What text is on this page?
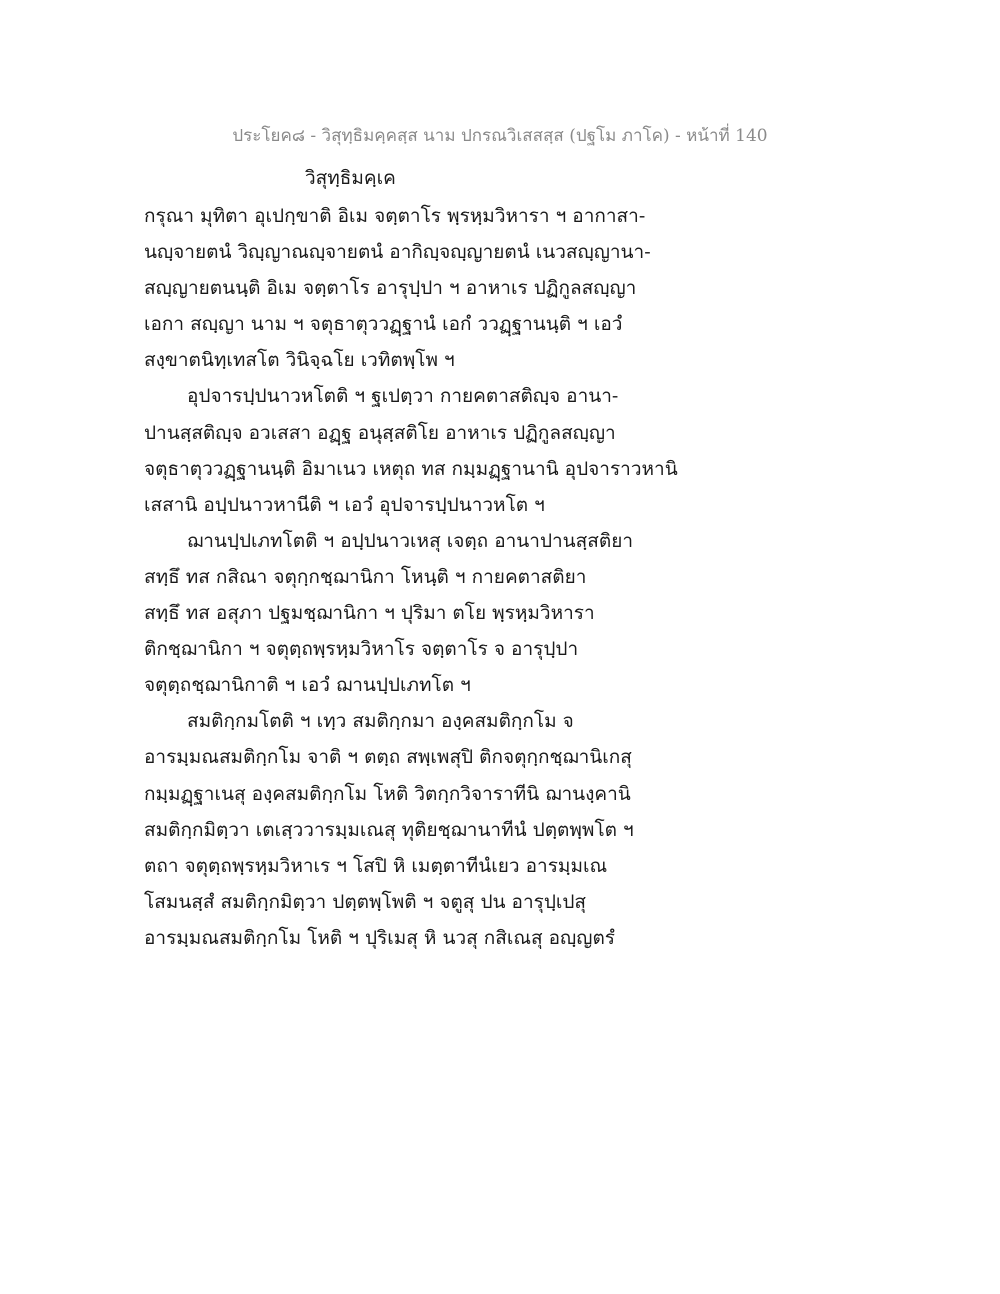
ประโยค๘ - วิสุทฺธิมคฺคสฺส นาม ปกรณวิเสสสฺส (ปฐโม ภาโค) - หน้าที่ 140
วิสุทฺธิมคฺเค
กรุณา มุทิตา อุเปกฺขาติ อิเม จตฺตาโร พฺรหฺมวิหารา ฯ อากาสา-
นญฺจายตนํ วิญฺญาณญฺจายตนํ อากิญฺจญฺญายตนํ เนวสญฺญานา-
สญฺญายตนนฺติ อิเม จตฺตาโร อารุปฺปา ฯ อาหาเร ปฏิกูลสญฺญา
เอกา สญฺญา นาม ฯ จตุธาตุววฏฺฐานํ เอกํ ววฏฺฐานนฺติ ฯ เอวํ
สงฺขาตนิทฺเทสโต วินิจฺฉโย เวทิตพฺโพ ฯ
อุปจารปฺปนาวหโตติ ฯ ฐเปตฺวา กายคตาสติญฺจ อานา-
ปานสฺสติญฺจ อวเสสา อฏฺฐ อนุสฺสติโย อาหาเร ปฏิกูลสญฺญา
จตุธาตุววฏฺฐานนฺติ อิมาเนว เหตุถ ทส กมฺมฏฺฐานานิ อุปจาราวหานิ
เสสานิ อปฺปนาวหานีติ ฯ เอวํ อุปจารปฺปนาวหโต ฯ
ฌานปฺปเภทโตติ ฯ อปฺปนาวเหสุ เจตฺถ อานาปานสฺสติยา
สทฺธึ ทส กสิณา จตุกฺกชฺฌานิกา โหนฺติ ฯ กายคตาสติยา
สทฺธึ ทส อสุภา ปฐมชฺฌานิกา ฯ ปุริมา ตโย พฺรหฺมวิหารา
ติกชฺฌานิกา ฯ จตุตฺถพฺรหฺมวิหาโร จตฺตาโร จ อารุปฺปา
จตุตฺถชฺฌานิกาติ ฯ เอวํ ฌานปฺปเภทโต ฯ
สมติกฺกมโตติ ฯ เทฺว สมติกฺกมา องฺคสมติกฺกโม จ
อารมฺมณสมติกฺกโม จาติ ฯ ตตฺถ สพฺเพสุปิ ติกจตุกฺกชฺฌานิเกสุ
กมฺมฏฺฐาเนสุ องฺคสมติกฺกโม โหติ วิตกฺกวิจาราทีนิ ฌานงฺคานิ
สมติกฺกมิตฺวา เตเสฺววารมฺมเณสุ ทุติยชฺฌานาทีนํ ปตฺตพฺพโต ฯ
ตถา จตุตฺถพฺรหฺมวิหาเร ฯ โสปิ หิ เมตฺตาทีนํเยว อารมฺมเณ
โสมนสฺสํ สมติกฺกมิตฺวา ปตฺตพฺโพติ ฯ จตูสุ ปน อารุปฺเปสุ
อารมฺมณสมติกฺกโม โหติ ฯ ปุริเมสุ หิ นวสุ กสิเณสุ อญฺญตรํ
